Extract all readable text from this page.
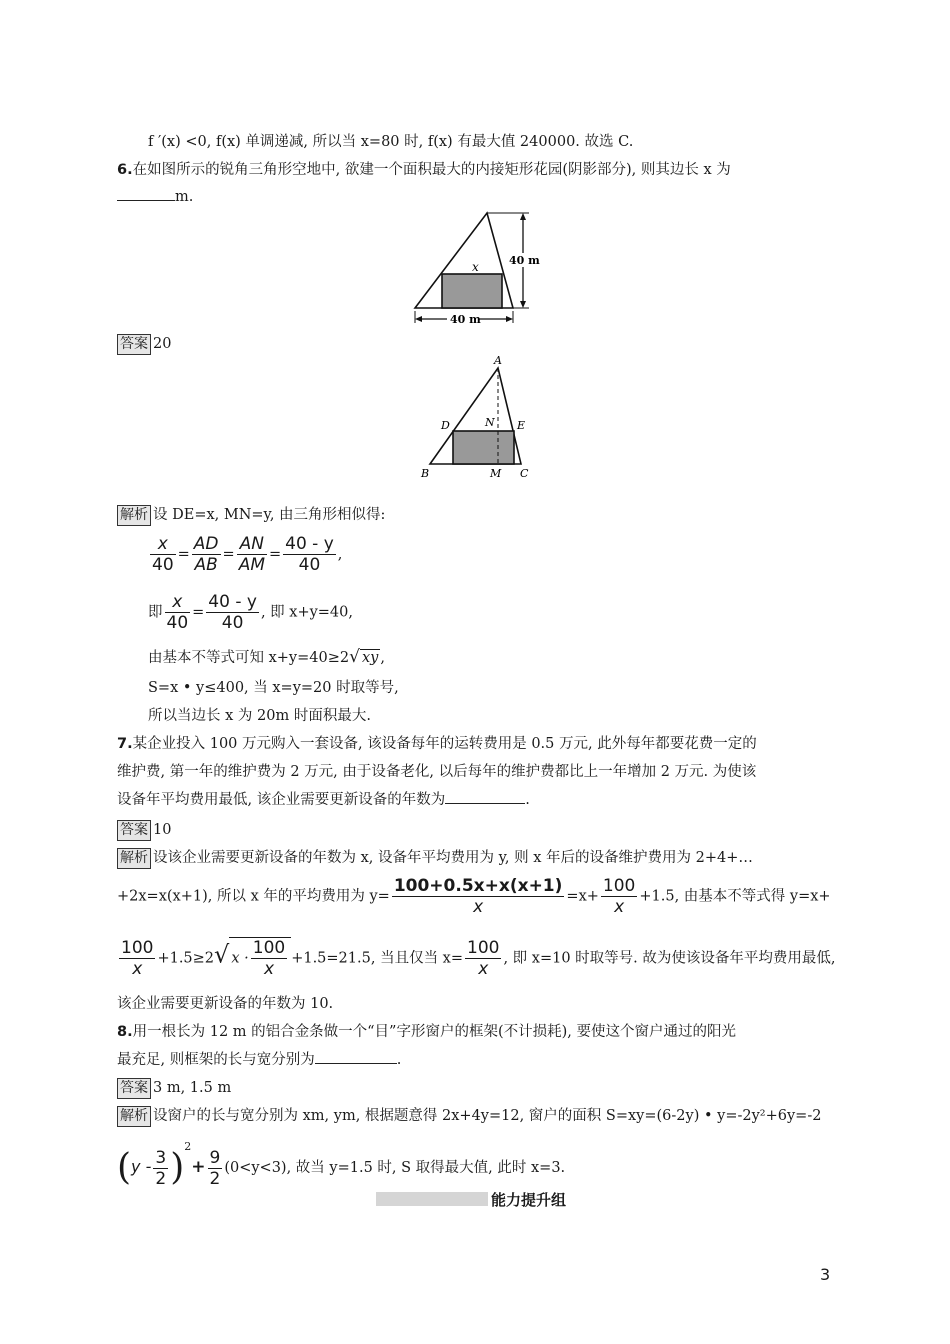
f ′(x) <0, f(x) 单调递减, 所以当 x=80 时, f(x) 有最大值 240000. 故选 C.
6.在如图所示的锐角三角形空地中, 欲建一个面积最大的内接矩形花园(阴影部分), 则其边长 x 为
m.
40 m
40 m
x
答案 20
A
B	C
D	E
N
M
解析 设 DE=x, MN=y, 由三角形相似得:
$\frac{x}{40} = \frac{AD}{AB} = \frac{AN}{AM} = \frac{40 - y}{40}$ ,
即 $\frac{x}{40} = \frac{40 - y}{40}$ , 即 x+y=40,
由基本不等式可知 x+y=40≥2√ xy ,
S=x • y≤400, 当 x=y=20 时取等号,
所以当边长 x 为 20m 时面积最大.
7.某企业投入 100 万元购入一套设备, 该设备每年的运转费用是 0.5 万元, 此外每年都要花费一定的
维护费, 第一年的维护费为 2 万元, 由于设备老化, 以后每年的维护费都比上一年增加 2 万元. 为使该
设备年平均费用最低, 该企业需要更新设备的年数为	.
答案 10
解析 设该企业需要更新设备的年数为 x, 设备年平均费用为 y, 则 x 年后的设备维护费用为 2+4+…
+2x=x(x+1), 所以 x 年的平均费用为 $y= \frac{100+0.5x+x(x+1)}{x} =x+ \frac{100}{x} +1.5$, 由基本不等式得 y=x+
$\frac{100}{x} +1.5\ge 2√$ $x \cdot \frac{100}{x} +1.5=21.5$, 当且仅当 $x= \frac{100}{x}$ , 即 x=10 时取等号. 故为使该设备年平均费用最低,
该企业需要更新设备的年数为 10.
8.用一根长为 12 m 的铝合金条做一个“目”字形窗户的框架(不计损耗), 要使这个窗户通过的阳光
最充足, 则框架的长与宽分别为	.
答案 3 m, 1.5 m
解析 设窗户的长与宽分别为 xm, ym, 根据题意得 2x+4y=12, 窗户的面积 S=xy=(6-2y) • y=-2y²+6y=-2
$(y - \frac{3}{2} )^2+ \frac{9}{2} (0<y<3)$, 故当 y=1.5 时, S 取得最大值, 此时 x=3.
能力提升组
3
